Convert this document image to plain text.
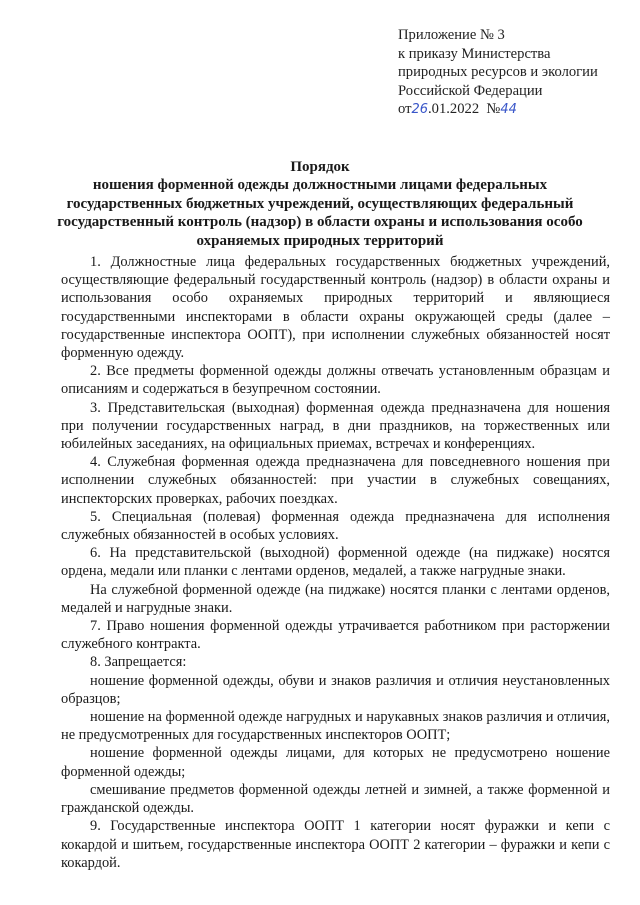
Приложение № 3
к приказу Министерства
природных ресурсов и экологии
Российской Федерации
от26.01.2022 №44
Порядок
ношения форменной одежды должностными лицами федеральных
государственных бюджетных учреждений, осуществляющих федеральный
государственный контроль (надзор) в области охраны и использования особо
охраняемых природных территорий

1. Должностные лица федеральных государственных бюджетных учреждений, осуществляющие федеральный государственный контроль (надзор) в области охраны и использования особо охраняемых природных территорий и являющиеся государственными инспекторами в области охраны окружающей среды (далее – государственные инспектора ООПТ), при исполнении служебных обязанностей носят форменную одежду.

2. Все предметы форменной одежды должны отвечать установленным образцам и описаниям и содержаться в безупречном состоянии.

3. Представительская (выходная) форменная одежда предназначена для ношения при получении государственных наград, в дни праздников, на торжественных или юбилейных заседаниях, на официальных приемах, встречах и конференциях.

4. Служебная форменная одежда предназначена для повседневного ношения при исполнении служебных обязанностей: при участии в служебных совещаниях, инспекторских проверках, рабочих поездках.

5. Специальная (полевая) форменная одежда предназначена для исполнения служебных обязанностей в особых условиях.

6. На представительской (выходной) форменной одежде (на пиджаке) носятся ордена, медали или планки с лентами орденов, медалей, а также нагрудные знаки.

На служебной форменной одежде (на пиджаке) носятся планки с лентами орденов, медалей и нагрудные знаки.

7. Право ношения форменной одежды утрачивается работником при расторжении служебного контракта.

8. Запрещается:

ношение форменной одежды, обуви и знаков различия и отличия неустановленных образцов;

ношение на форменной одежде нагрудных и нарукавных знаков различия и отличия, не предусмотренных для государственных инспекторов ООПТ;

ношение форменной одежды лицами, для которых не предусмотрено ношение форменной одежды;

смешивание предметов форменной одежды летней и зимней, а также форменной и гражданской одежды.

9. Государственные инспектора ООПТ 1 категории носят фуражки и кепи с кокардой и шитьем, государственные инспектора ООПТ 2 категории – фуражки и кепи с кокардой.
